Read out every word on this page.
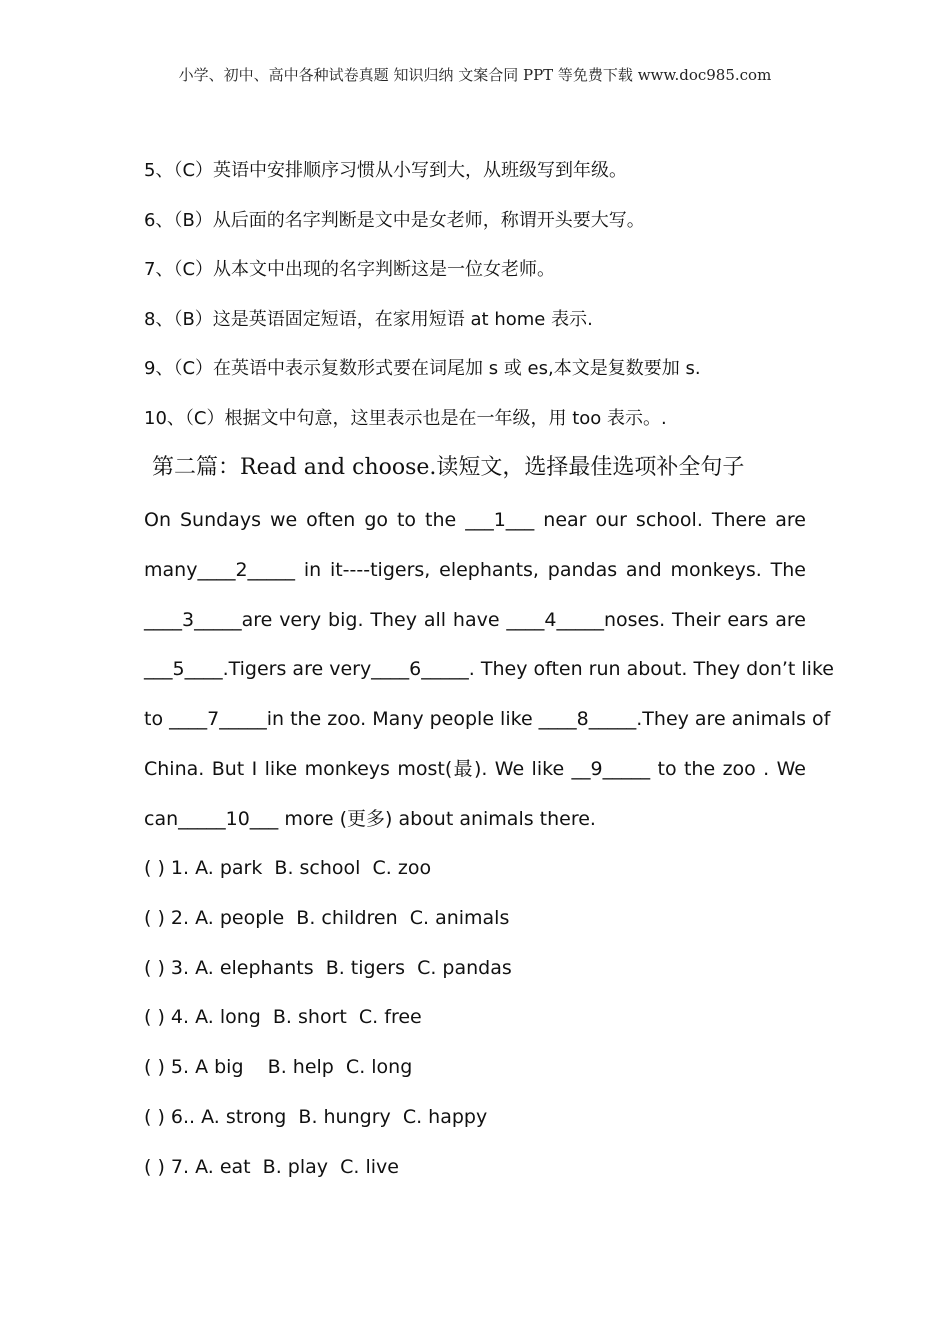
小学、初中、高中各种试卷真题 知识归纳 文案合同 PPT 等免费下载 www.doc985.com
5、（C）英语中安排顺序习惯从小写到大，从班级写到年级。
6、（B）从后面的名字判断是文中是女老师，称谓开头要大写。
7、（C）从本文中出现的名字判断这是一位女老师。
8、（B）这是英语固定短语，在家用短语 at home 表示.
9、（C）在英语中表示复数形式要在词尾加 s 或 es,本文是复数要加 s.
10、（C）根据文中句意，这里表示也是在一年级，用 too 表示。.
第二篇：Read and choose.读短文，选择最佳选项补全句子
On Sundays we often go to the ___1___ near our school. There are
many____2_____ in it----tigers, elephants, pandas and monkeys. The
____3_____are very big. They all have ____4_____noses. Their ears are
___5____.Tigers are very____6_____. They often run about. They don’t like
to ____7_____in the zoo. Many people like ____8_____.They are animals of
China. But I like monkeys most(最). We like __9_____ to the zoo . We
can_____10___ more (更多) about animals there.
( ) 1. A. park  B. school  C. zoo
( ) 2. A. people  B. children  C. animals
( ) 3. A. elephants  B. tigers  C. pandas
( ) 4. A. long  B. short  C. free
( ) 5. A big    B. help  C. long
( ) 6.. A. strong  B. hungry  C. happy
( ) 7. A. eat  B. play  C. live
